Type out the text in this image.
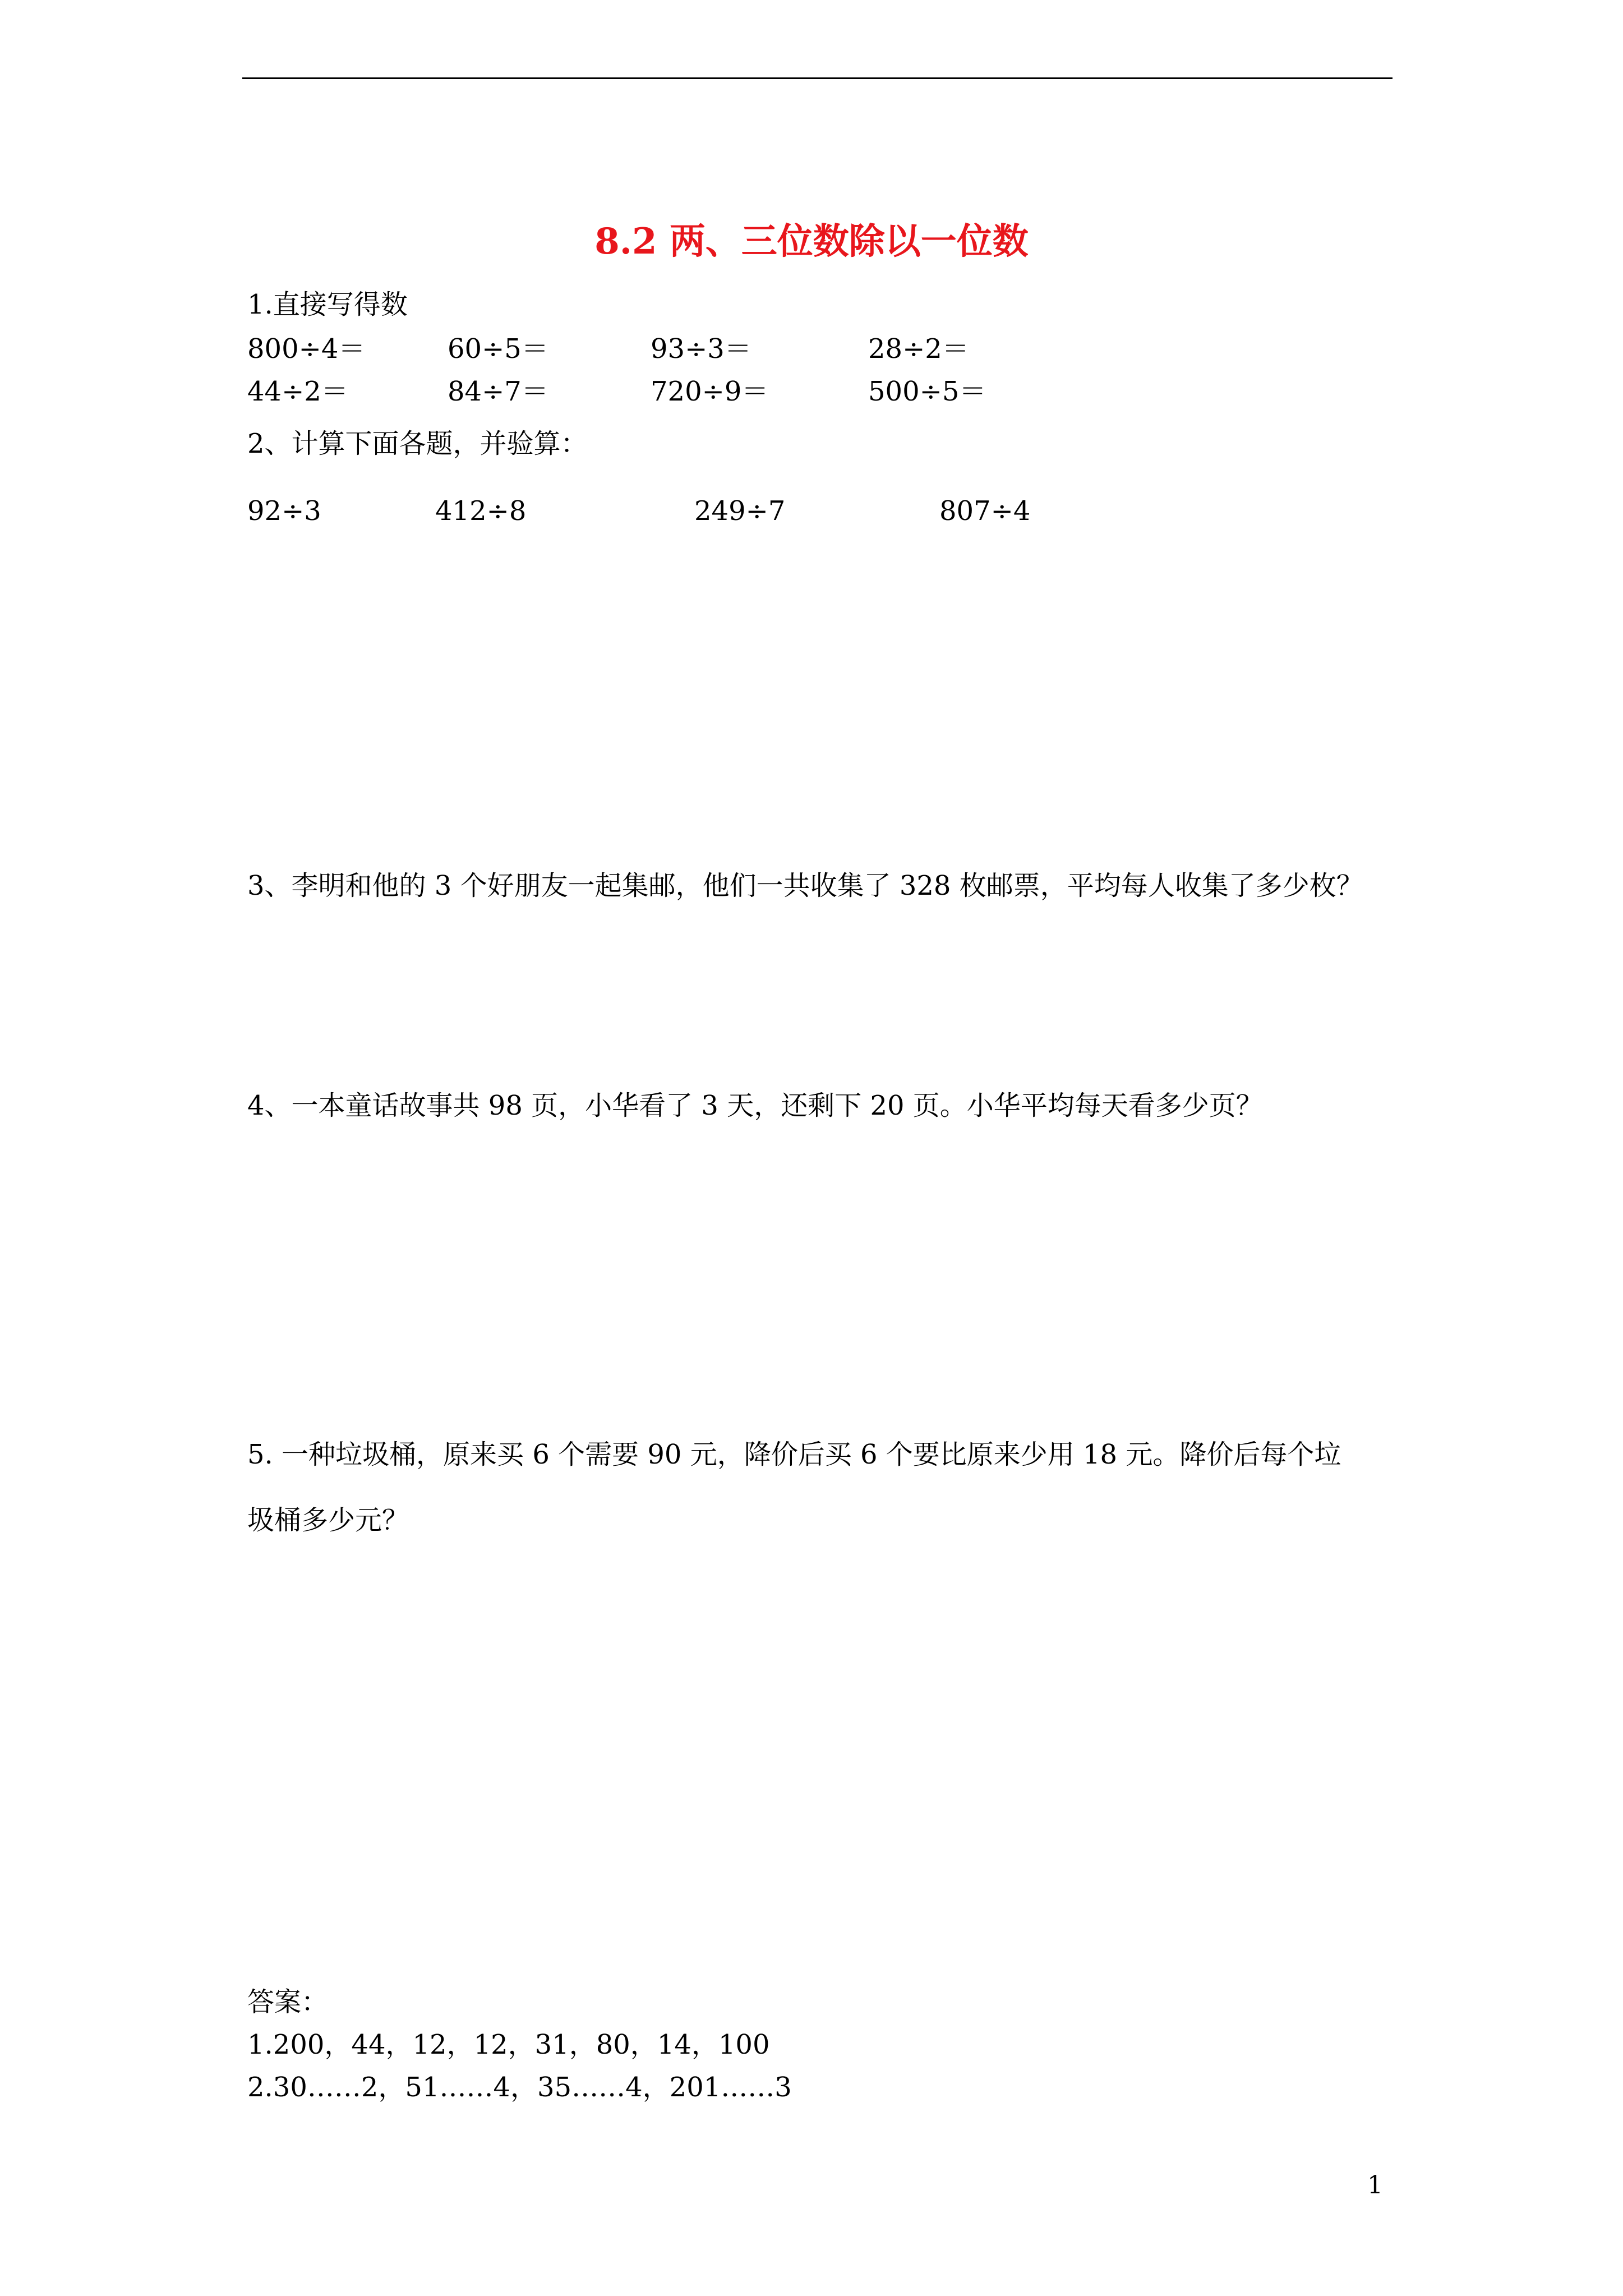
8.2 两、三位数除以一位数
1.直接写得数
800÷4＝	60÷5＝	93÷3＝	28÷2＝
44÷2＝	84÷7＝	720÷9＝	500÷5＝
2、计算下面各题，并验算：
92÷3	412÷8	249÷7	807÷4
3、李明和他的 3 个好朋友一起集邮，他们一共收集了 328 枚邮票，平均每人收集了多少枚？
4、一本童话故事共 98 页，小华看了 3 天，还剩下 20 页。小华平均每天看多少页？
5. 一种垃圾桶，原来买 6 个需要 90 元，降价后买 6 个要比原来少用 18 元。降价后每个垃
圾桶多少元？
答案：
1.200，44，12，12，31，80，14，100
2.30……2，51……4，35……4，201……3
1
